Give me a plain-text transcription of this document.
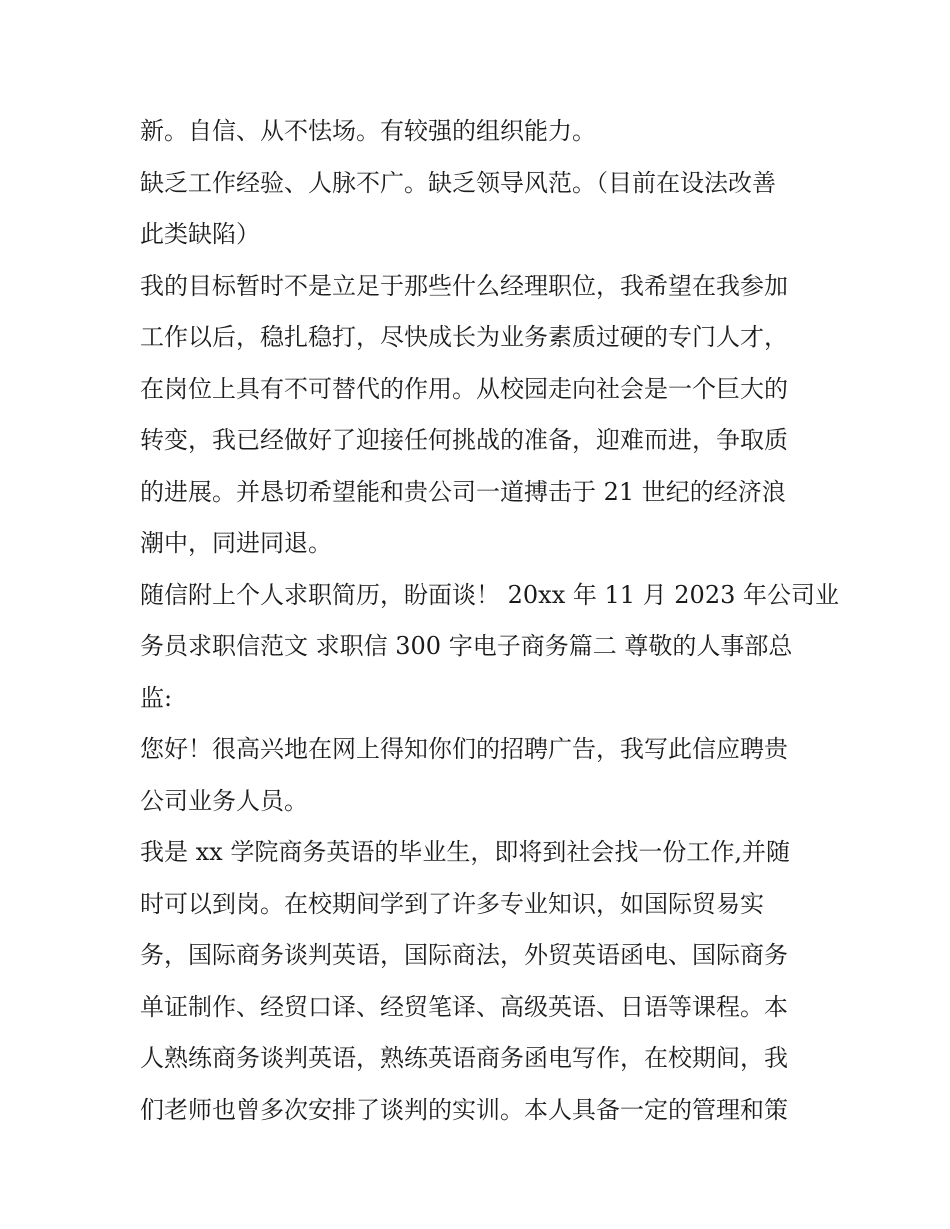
新。自信、从不怯场。有较强的组织能力。
缺乏工作经验、人脉不广。缺乏领导风范。（目前在设法改善
此类缺陷）
我的目标暂时不是立足于那些什么经理职位，我希望在我参加
工作以后，稳扎稳打，尽快成长为业务素质过硬的专门人才，
在岗位上具有不可替代的作用。从校园走向社会是一个巨大的
转变，我已经做好了迎接任何挑战的准备，迎难而进，争取质
的进展。并恳切希望能和贵公司一道搏击于 21 世纪的经济浪
潮中，同进同退。
随信附上个人求职简历，盼面谈！ 20xx 年 11 月 2023 年公司业
务员求职信范文 求职信 300 字电子商务篇二 尊敬的人事部总
监:
您好！很高兴地在网上得知你们的招聘广告，我写此信应聘贵
公司业务人员。
我是 xx 学院商务英语的毕业生，即将到社会找一份工作,并随
时可以到岗。在校期间学到了许多专业知识，如国际贸易实
务，国际商务谈判英语，国际商法，外贸英语函电、国际商务
单证制作、经贸口译、经贸笔译、高级英语、日语等课程。本
人熟练商务谈判英语，熟练英语商务函电写作，在校期间，我
们老师也曾多次安排了谈判的实训。本人具备一定的管理和策
